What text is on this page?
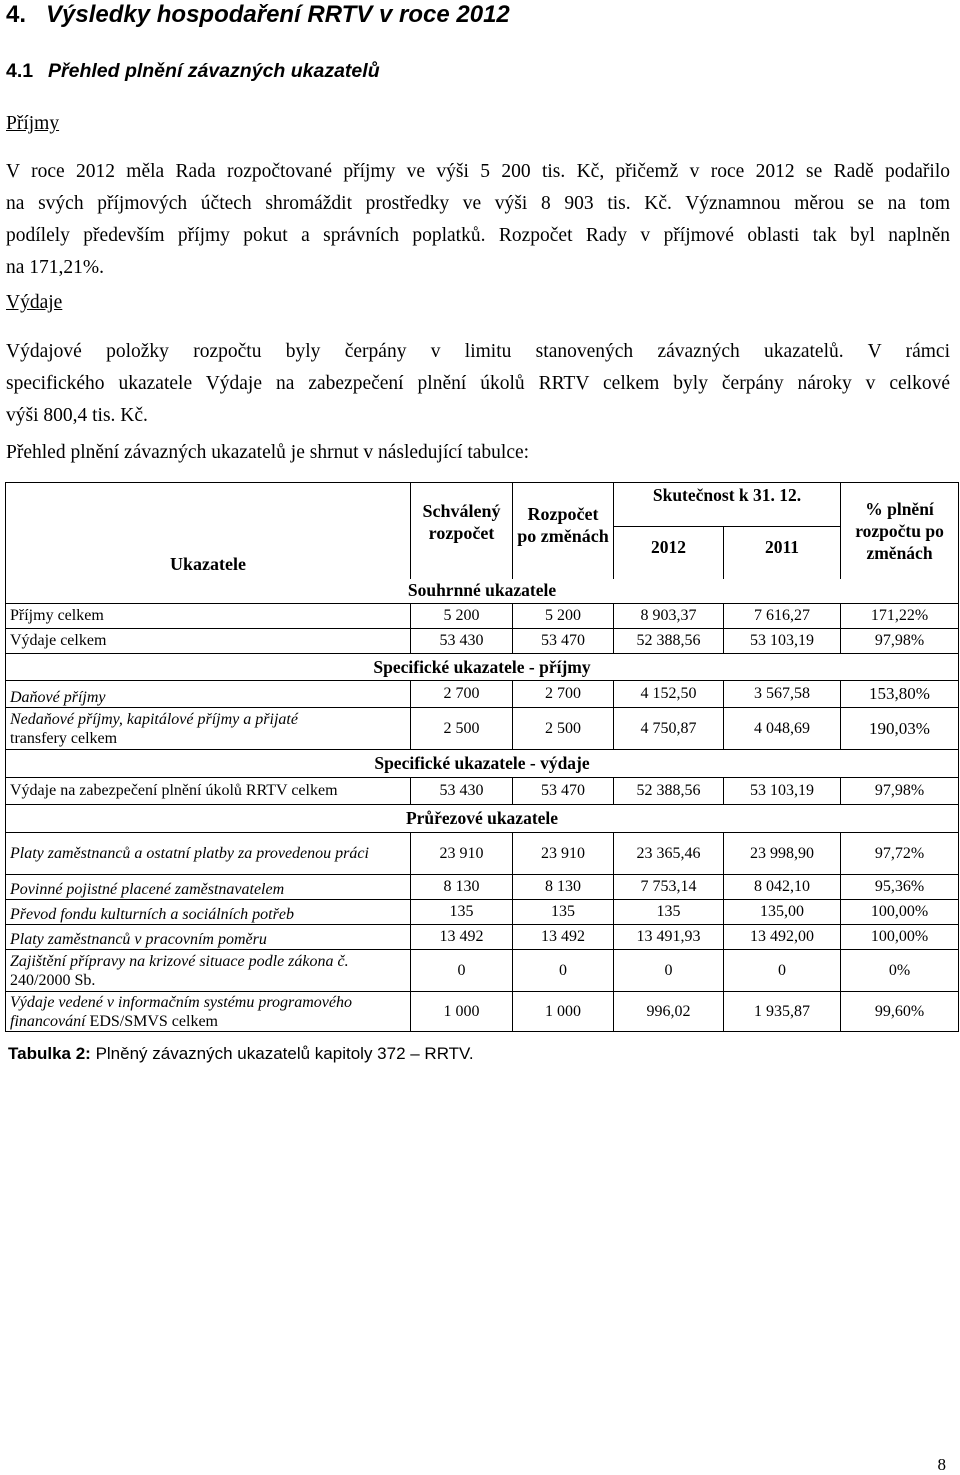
4. Výsledky hospodaření RRTV v roce 2012
4.1 Přehled plnění závazných ukazatelů
Příjmy
V roce 2012 měla Rada rozpočtované příjmy ve výši 5 200 tis. Kč, přičemž v roce 2012 se Radě podařilo
na svých příjmových účtech shromáždit prostředky ve výši 8 903 tis. Kč. Významnou měrou se na tom
podílely především příjmy pokut a správních poplatků. Rozpočet Rady v příjmové oblasti tak byl naplněn
na 171,21%.
Výdaje
Výdajové položky rozpočtu byly čerpány v limitu stanovených závazných ukazatelů. V rámci
specifického ukazatele Výdaje na zabezpečení plnění úkolů RRTV celkem byly čerpány nároky v celkové
výši 800,4 tis. Kč.
Přehled plnění závazných ukazatelů je shrnut v následující tabulce:
Ukazatele	Schválený rozpočet	Rozpočet po změnách	Skutečnost k 31. 12.		% plnění rozpočtu po změnách
			2012	2011	
Souhrnné ukazatele					
Příjmy celkem	5 200	5 200	8 903,37	7 616,27	171,22%
Výdaje celkem	53 430	53 470	52 388,56	53 103,19	97,98%
Specifické ukazatele - příjmy					
Daňové příjmy	2 700	2 700	4 152,50	3 567,58	153,80%
Nedaňové příjmy, kapitálové příjmy a přijaté
transfery celkem	2 500	2 500	4 750,87	4 048,69	190,03%
Specifické ukazatele - výdaje					
Výdaje na zabezpečení plnění úkolů RRTV celkem	53 430	53 470	52 388,56	53 103,19	97,98%
Průřezové ukazatele					
Platy zaměstnanců a ostatní platby za provedenou práci	23 910	23 910	23 365,46	23 998,90	97,72%
Povinné pojistné placené zaměstnavatelem	8 130	8 130	7 753,14	8 042,10	95,36%
Převod fondu kulturních a sociálních potřeb	135	135	135	135,00	100,00%
Platy zaměstnanců v pracovním poměru	13 492	13 492	13 491,93	13 492,00	100,00%
Zajištění přípravy na krizové situace podle zákona č.
240/2000 Sb.	0	0	0	0	0%
Výdaje vedené v informačním systému programového financování EDS/SMVS celkem	1 000	1 000	996,02	1 935,87	99,60%
Tabulka 2: Plněný závazných ukazatelů kapitoly 372 – RRTV.
8
